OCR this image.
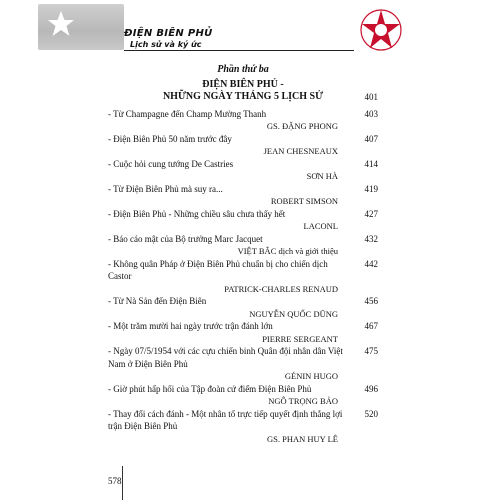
ĐIỆN BIÊN PHỦ
Lịch sử và ký ức
Phần thứ ba
ĐIỆN BIÊN PHỦ -
NHỮNG NGÀY THÁNG 5 LỊCH SỬ	401
- Từ Champagne đến Champ Mường Thanh	403
GS. ĐẶNG PHONG
- Điện Biên Phủ 50 năm trước đây	407
JEAN CHESNEAUX
- Cuộc hỏi cung tướng De Castries	414
SƠN HÀ
- Từ Điện Biên Phủ mà suy ra...	419
ROBERT SIMSON
- Điện Biên Phủ - Những chiều sâu chưa thấy hết	427
LACONL
- Báo cáo mật của Bộ trưởng Marc Jacquet	432
VIỆT BẮC dịch và giới thiệu
- Không quân Pháp ở Điện Biên Phủ chuẩn bị cho chiến dịch Castor
442
PATRICK-CHARLES RENAUD
- Từ Nà Sản đến Điện Biên	456
NGUYỄN QUỐC DŨNG
- Một trăm mười hai ngày trước trận đánh lớn	467
PIERRE SERGEANT
- Ngày 07/5/1954 với các cựu chiến binh Quân đội nhân dân Việt Nam ở Điện Biên Phủ
475
GÉNIN HUGO
- Giờ phút hấp hối của Tập đoàn cứ điểm Điện Biên Phủ	496
NGÔ TRỌNG BẢO
- Thay đổi cách đánh - Một nhân tố trực tiếp quyết định thắng lợi trận Điện Biên Phủ
520
GS. PHAN HUY LÊ
578
